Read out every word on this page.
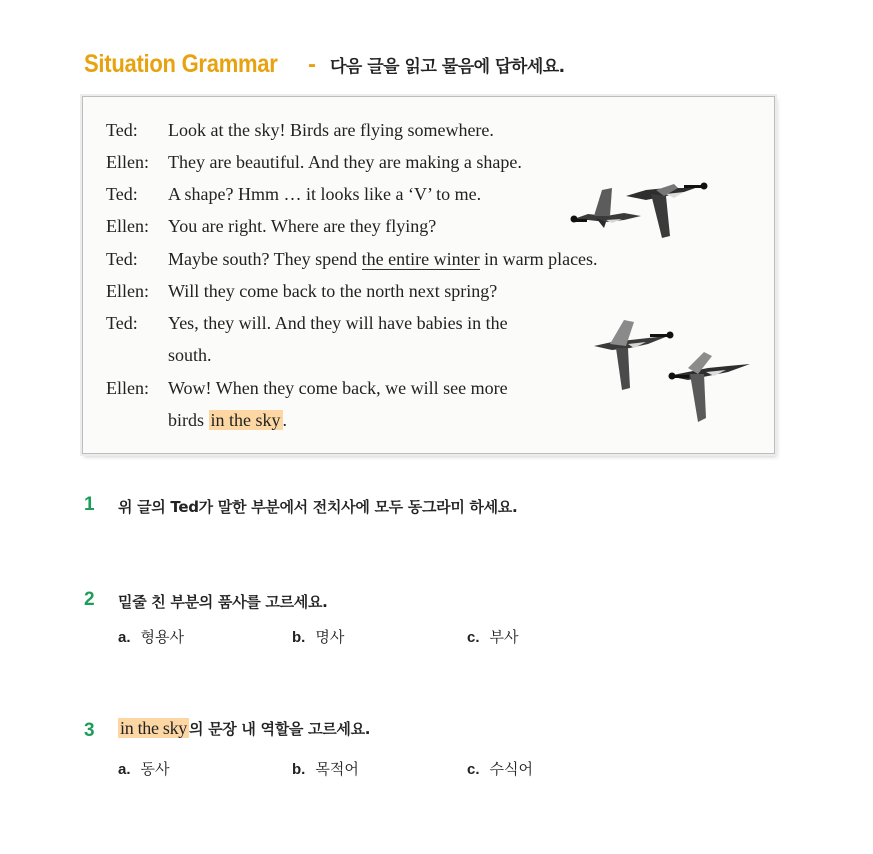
Situation Grammar - 다음 글을 읽고 물음에 답하세요.
Ted: Look at the sky! Birds are flying somewhere.
Ellen: They are beautiful. And they are making a shape.
Ted: A shape? Hmm … it looks like a ‘V’ to me.
Ellen: You are right. Where are they flying?
Ted: Maybe south? They spend the entire winter in warm places.
Ellen: Will they come back to the north next spring?
Ted: Yes, they will. And they will have babies in the
south.
Ellen: Wow! When they come back, we will see more
birds in the sky .
1 위 글의 Ted가 말한 부분에서 전치사에 모두 동그라미 하세요.
2 밑줄 친 부분의 품사를 고르세요.
a. 형용사	b. 명사	c. 부사
3 in the sky 의 문장 내 역할을 고르세요.
a. 동사	b. 목적어	c. 수식어
